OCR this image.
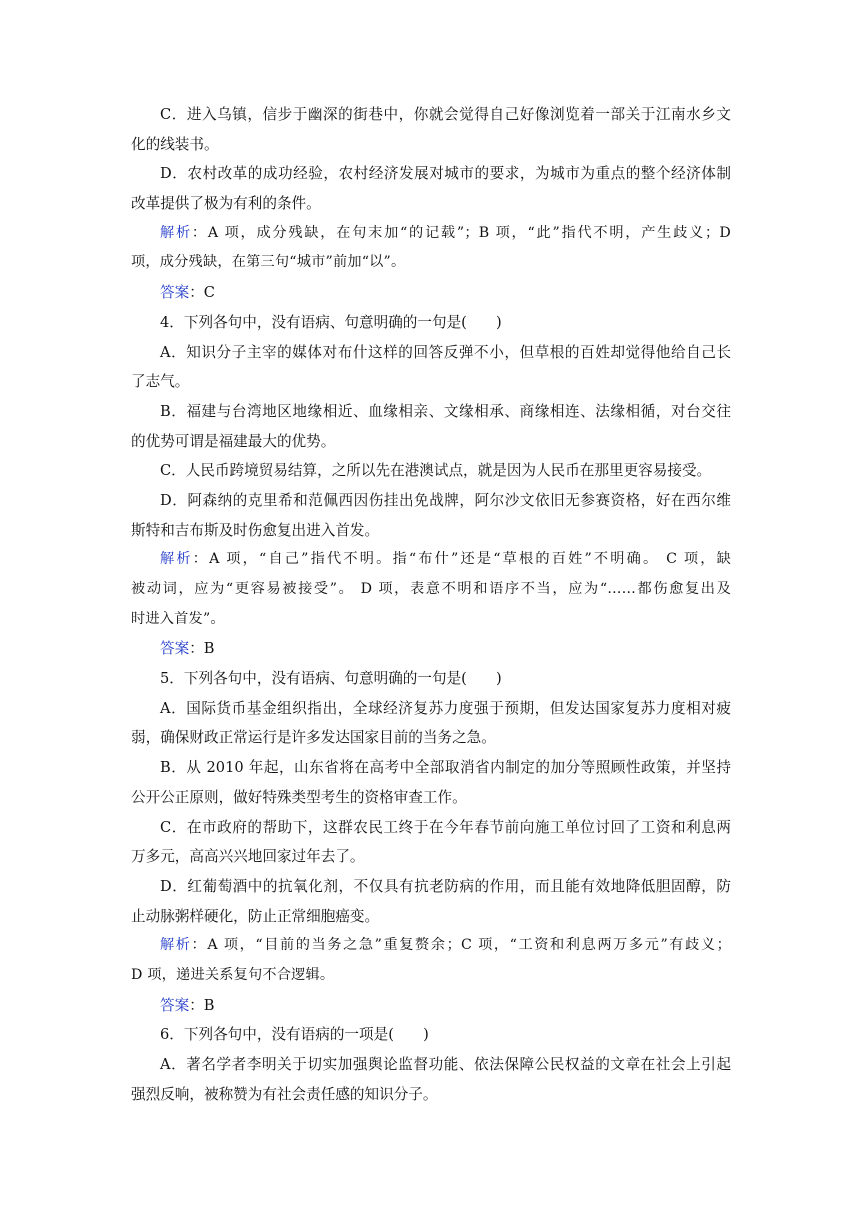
C．进入乌镇，信步于幽深的街巷中，你就会觉得自己好像浏览着一部关于江南水乡文
化的线装书。
D．农村改革的成功经验，农村经济发展对城市的要求，为城市为重点的整个经济体制
改革提供了极为有利的条件。
解析：A 项，成分残缺，在句末加“的记载”；B 项，“此”指代不明，产生歧义；D
项，成分残缺，在第三句“城市”前加“以”。
答案：C
4．下列各句中，没有语病、句意明确的一句是(　　)
A．知识分子主宰的媒体对布什这样的回答反弹不小，但草根的百姓却觉得他给自己长
了志气。
B．福建与台湾地区地缘相近、血缘相亲、文缘相承、商缘相连、法缘相循，对台交往
的优势可谓是福建最大的优势。
C．人民币跨境贸易结算，之所以先在港澳试点，就是因为人民币在那里更容易接受。
D．阿森纳的克里希和范佩西因伤挂出免战牌，阿尔沙文依旧无参赛资格，好在西尔维
斯特和吉布斯及时伤愈复出进入首发。
解析：A 项，“自己”指代不明。指“布什”还是“草根的百姓”不明确。 C 项，缺
被动词，应为“更容易被接受”。 D 项，表意不明和语序不当，应为“……都伤愈复出及
时进入首发”。
答案：B
5．下列各句中，没有语病、句意明确的一句是(　　)
A．国际货币基金组织指出，全球经济复苏力度强于预期，但发达国家复苏力度相对疲
弱，确保财政正常运行是许多发达国家目前的当务之急。
B．从 2010 年起，山东省将在高考中全部取消省内制定的加分等照顾性政策，并坚持
公开公正原则，做好特殊类型考生的资格审查工作。
C．在市政府的帮助下，这群农民工终于在今年春节前向施工单位讨回了工资和利息两
万多元，高高兴兴地回家过年去了。
D．红葡萄酒中的抗氧化剂，不仅具有抗老防病的作用，而且能有效地降低胆固醇，防
止动脉粥样硬化，防止正常细胞癌变。
解析：A 项，“目前的当务之急”重复赘余；C 项，“工资和利息两万多元”有歧义；
D 项，递进关系复句不合逻辑。
答案：B
6．下列各句中，没有语病的一项是(　　)
A．著名学者李明关于切实加强舆论监督功能、依法保障公民权益的文章在社会上引起
强烈反响，被称赞为有社会责任感的知识分子。
